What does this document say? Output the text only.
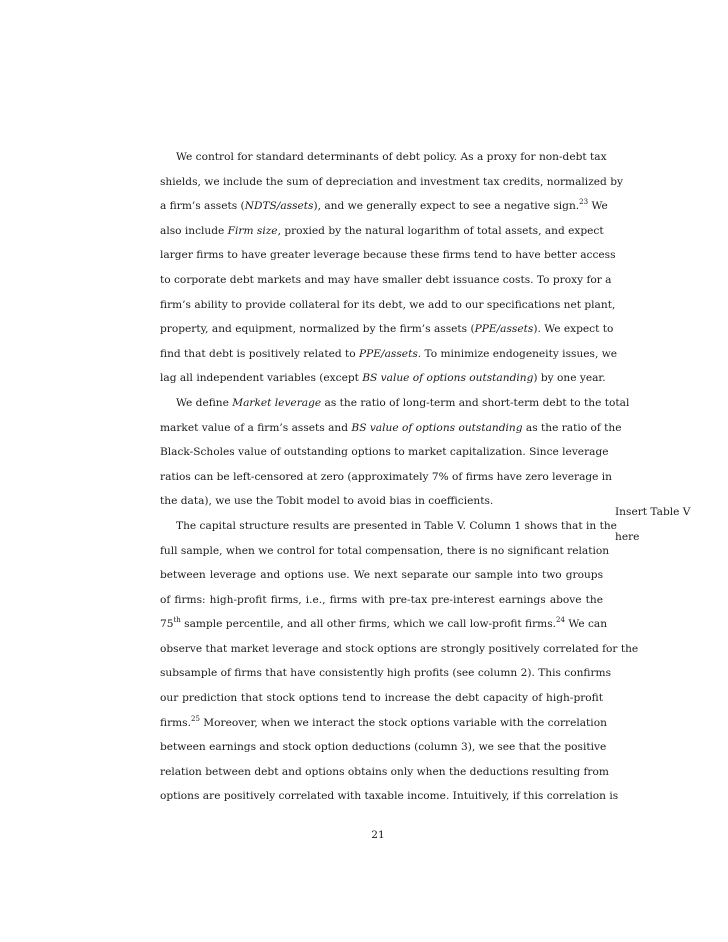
We control for standard determinants of debt policy. As a proxy for non-debt tax
shields, we include the sum of depreciation and investment tax credits, normalized by
a firm’s assets (NDTS/assets), and we generally expect to see a negative sign.$^{23}$ We
also include Firm size, proxied by the natural logarithm of total assets, and expect
larger firms to have greater leverage because these firms tend to have better access
to corporate debt markets and may have smaller debt issuance costs. To proxy for a
firm’s ability to provide collateral for its debt, we add to our specifications net plant,
property, and equipment, normalized by the firm’s assets (PPE/assets). We expect to
find that debt is positively related to PPE/assets. To minimize endogeneity issues, we
lag all independent variables (except BS value of options outstanding) by one year.
We define Market leverage as the ratio of long-term and short-term debt to the total
market value of a firm’s assets and BS value of options outstanding as the ratio of the
Black-Scholes value of outstanding options to market capitalization. Since leverage
ratios can be left-censored at zero (approximately 7% of firms have zero leverage in
the data), we use the Tobit model to avoid bias in coefficients.
The capital structure results are presented in Table V. Column 1 shows that in the
full sample, when we control for total compensation, there is no significant relation
between leverage and options use. We next separate our sample into two groups
of firms: high-profit firms, i.e., firms with pre-tax pre-interest earnings above the
75th sample percentile, and all other firms, which we call low-profit firms.$^{24}$ We can
observe that market leverage and stock options are strongly positively correlated for the
subsample of firms that have consistently high profits (see column 2). This confirms
our prediction that stock options tend to increase the debt capacity of high-profit
firms.$^{25}$ Moreover, when we interact the stock options variable with the correlation
between earnings and stock option deductions (column 3), we see that the positive
relation between debt and options obtains only when the deductions resulting from
options are positively correlated with taxable income. Intuitively, if this correlation is
Insert Table V
here
21
